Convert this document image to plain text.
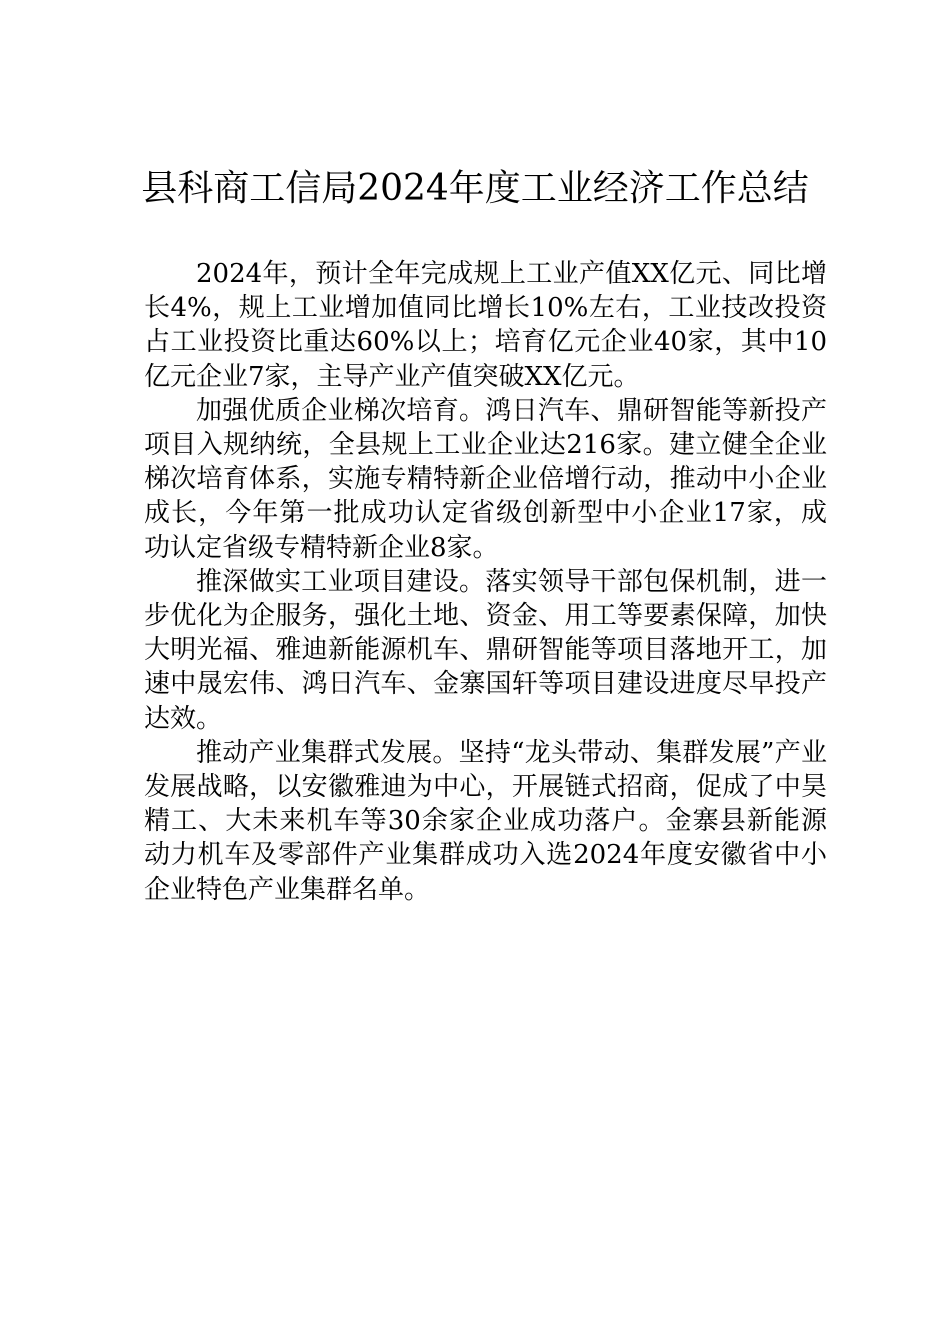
县科商工信局2024年度工业经济工作总结

2024年，预计全年完成规上工业产值XX亿元、同比增长4%，规上工业增加值同比增长10%左右，工业技改投资占工业投资比重达60%以上；培育亿元企业40家，其中10亿元企业7家，主导产业产值突破XX亿元。

加强优质企业梯次培育。鸿日汽车、鼎研智能等新投产项目入规纳统，全县规上工业企业达216家。建立健全企业梯次培育体系，实施专精特新企业倍增行动，推动中小企业成长，今年第一批成功认定省级创新型中小企业17家，成功认定省级专精特新企业8家。

推深做实工业项目建设。落实领导干部包保机制，进一步优化为企服务，强化土地、资金、用工等要素保障，加快大明光福、雅迪新能源机车、鼎研智能等项目落地开工，加速中晟宏伟、鸿日汽车、金寨国轩等项目建设进度尽早投产达效。

推动产业集群式发展。坚持“龙头带动、集群发展”产业发展战略，以安徽雅迪为中心，开展链式招商，促成了中昊精工、大未来机车等30余家企业成功落户。金寨县新能源动力机车及零部件产业集群成功入选2024年度安徽省中小企业特色产业集群名单。
